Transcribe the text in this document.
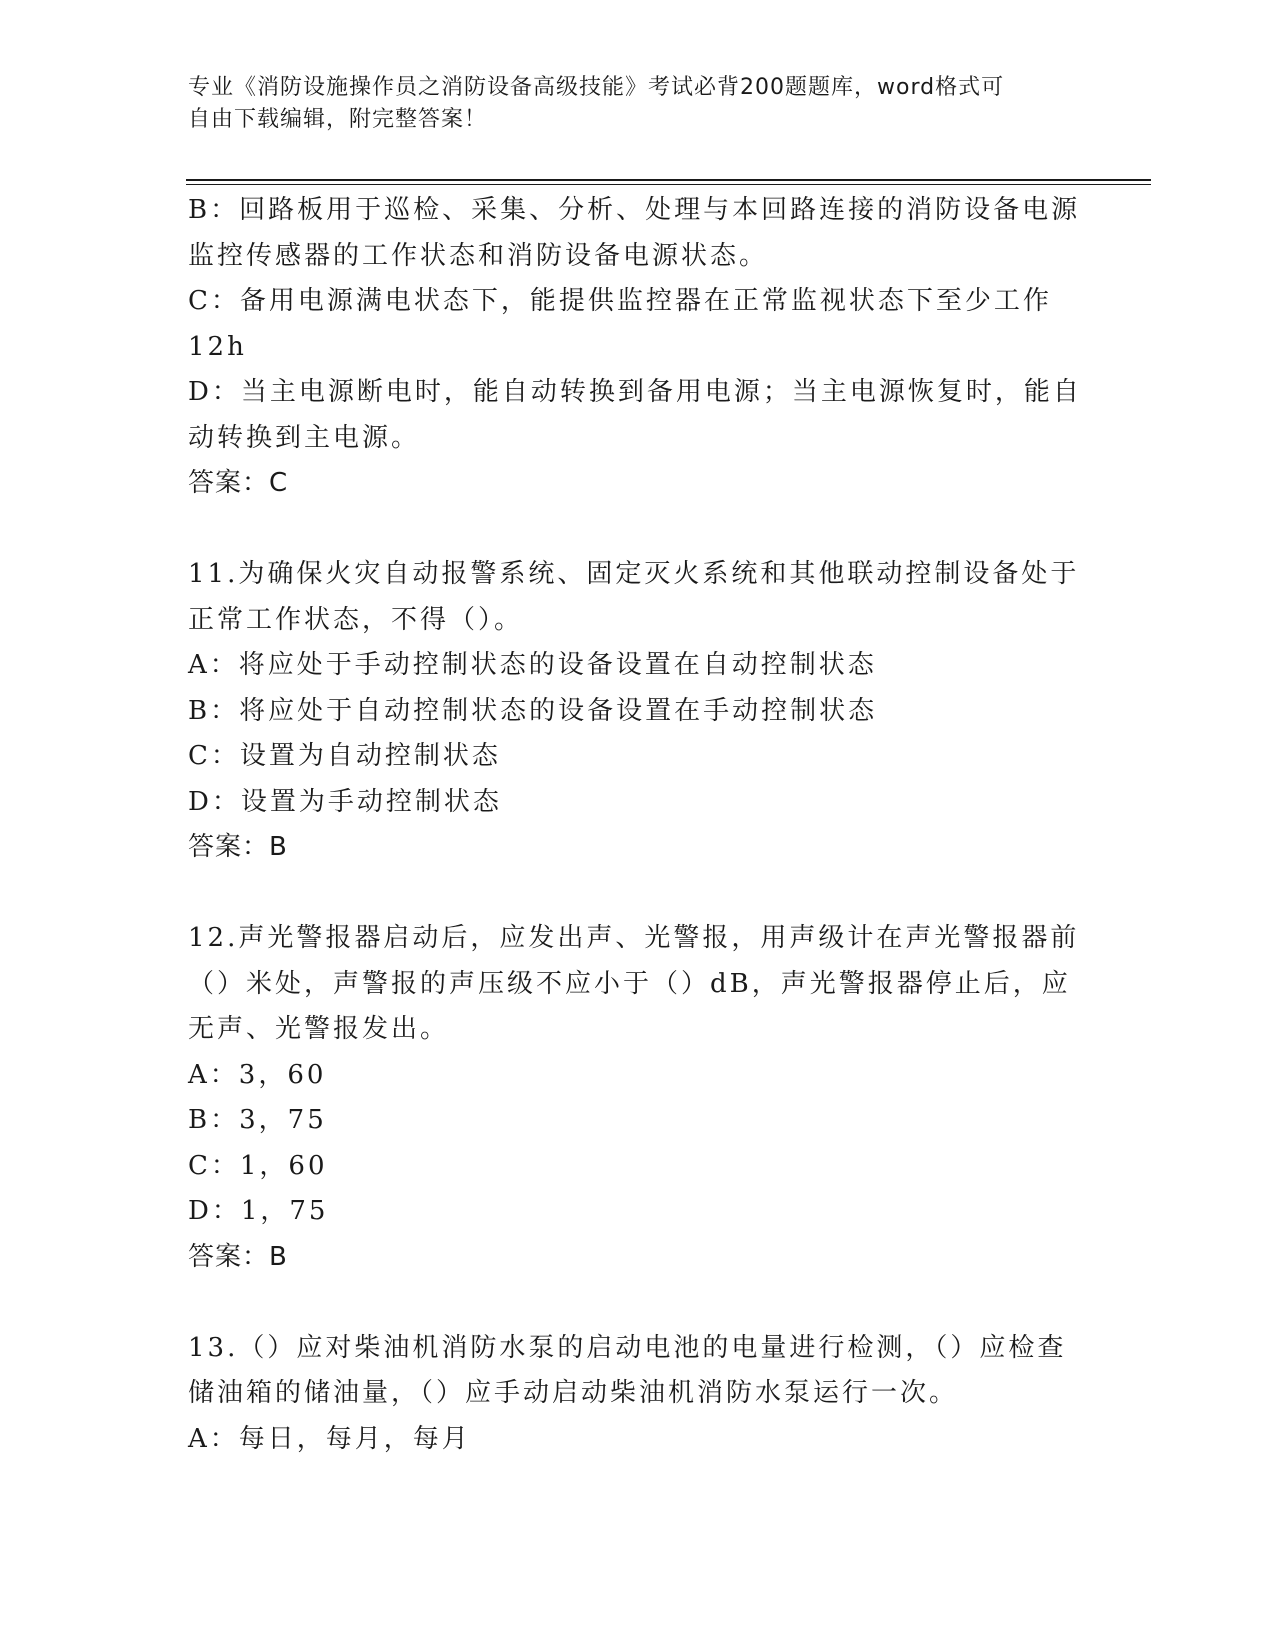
专业《消防设施操作员之消防设备高级技能》考试必背200题题库，word格式可
自由下载编辑，附完整答案！
B：回路板用于巡检、采集、分析、处理与本回路连接的消防设备电源
监控传感器的工作状态和消防设备电源状态。
C：备用电源满电状态下，能提供监控器在正常监视状态下至少工作
12h
D：当主电源断电时，能自动转换到备用电源；当主电源恢复时，能自
动转换到主电源。
答案：C
11.为确保火灾自动报警系统、固定灭火系统和其他联动控制设备处于
正常工作状态，不得（）。
A：将应处于手动控制状态的设备设置在自动控制状态
B：将应处于自动控制状态的设备设置在手动控制状态
C：设置为自动控制状态
D：设置为手动控制状态
答案：B
12.声光警报器启动后，应发出声、光警报，用声级计在声光警报器前
（）米处，声警报的声压级不应小于（）dB，声光警报器停止后，应
无声、光警报发出。
A：3，60
B：3，75
C：1，60
D：1，75
答案：B
13.（）应对柴油机消防水泵的启动电池的电量进行检测，（）应检查
储油箱的储油量，（）应手动启动柴油机消防水泵运行一次。
A：每日，每月，每月
